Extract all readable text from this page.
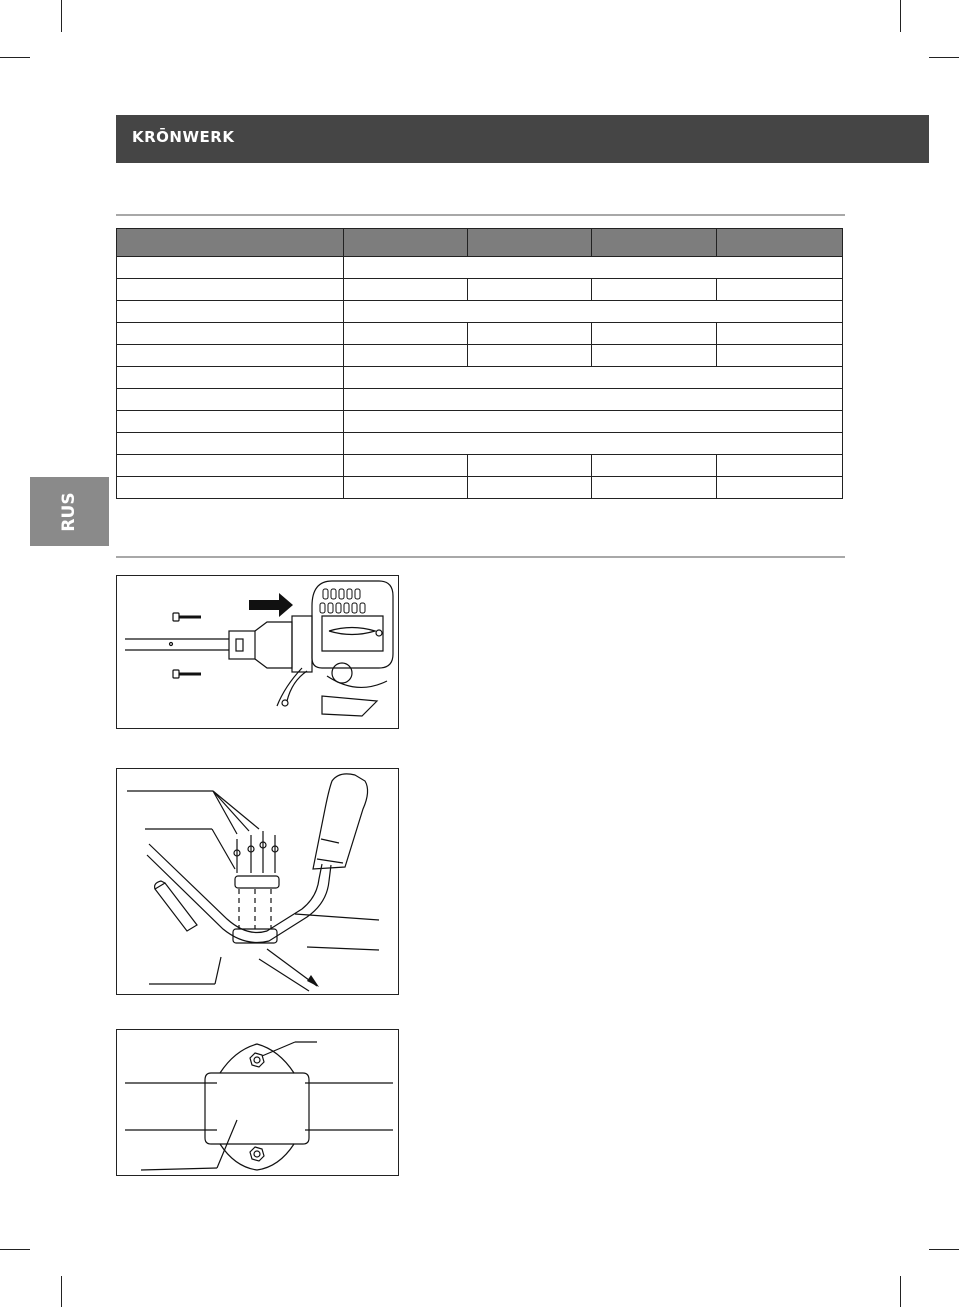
KRŌNWERK
RUS
